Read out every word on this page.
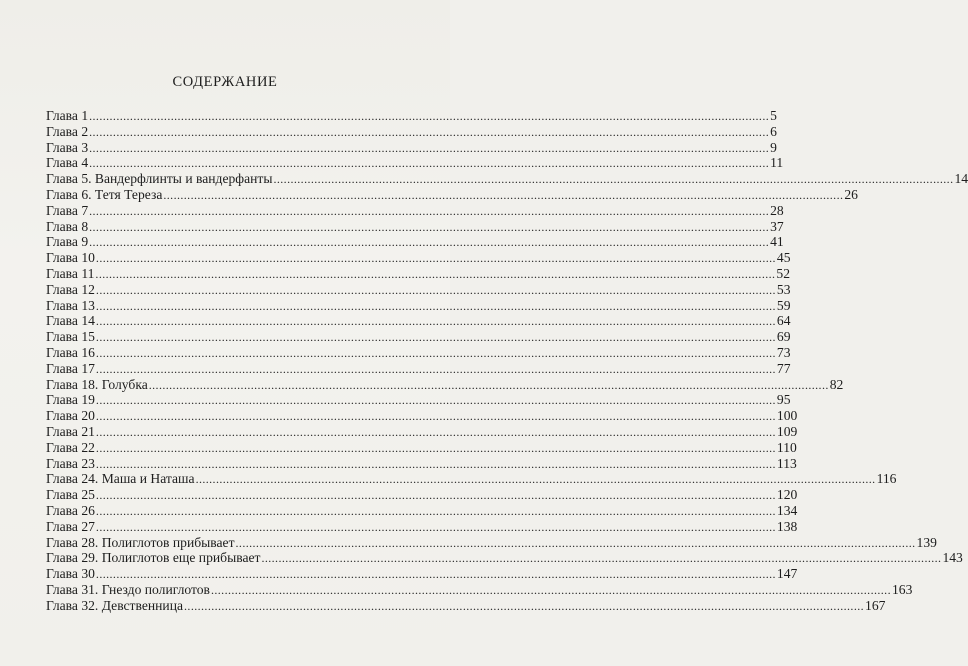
СОДЕРЖАНИЕ
Глава 1 ........................................................................................................................................................................................................ 5
Глава 2 ........................................................................................................................................................................................................ 6
Глава 3 ........................................................................................................................................................................................................ 9
Глава 4 ........................................................................................................................................................................................................ 11
Глава 5. Вандерфлинты и вандерфанты ........................................................................................................................................................................................................ 14
Глава 6. Тетя Тереза ........................................................................................................................................................................................................ 26
Глава 7 ........................................................................................................................................................................................................ 28
Глава 8 ........................................................................................................................................................................................................ 37
Глава 9 ........................................................................................................................................................................................................ 41
Глава 10 ........................................................................................................................................................................................................ 45
Глава 11 ........................................................................................................................................................................................................ 52
Глава 12 ........................................................................................................................................................................................................ 53
Глава 13 ........................................................................................................................................................................................................ 59
Глава 14 ........................................................................................................................................................................................................ 64
Глава 15 ........................................................................................................................................................................................................ 69
Глава 16 ........................................................................................................................................................................................................ 73
Глава 17 ........................................................................................................................................................................................................ 77
Глава 18. Голубка ........................................................................................................................................................................................................ 82
Глава 19 ........................................................................................................................................................................................................ 95
Глава 20 ........................................................................................................................................................................................................ 100
Глава 21 ........................................................................................................................................................................................................ 109
Глава 22 ........................................................................................................................................................................................................ 110
Глава 23 ........................................................................................................................................................................................................ 113
Глава 24. Маша и Наташа ........................................................................................................................................................................................................ 116
Глава 25 ........................................................................................................................................................................................................ 120
Глава 26 ........................................................................................................................................................................................................ 134
Глава 27 ........................................................................................................................................................................................................ 138
Глава 28. Полиглотов прибывает ........................................................................................................................................................................................................ 139
Глава 29. Полиглотов еще прибывает ........................................................................................................................................................................................................ 143
Глава 30 ........................................................................................................................................................................................................ 147
Глава 31. Гнездо полиглотов ........................................................................................................................................................................................................ 163
Глава 32. Девственница ........................................................................................................................................................................................................ 167
